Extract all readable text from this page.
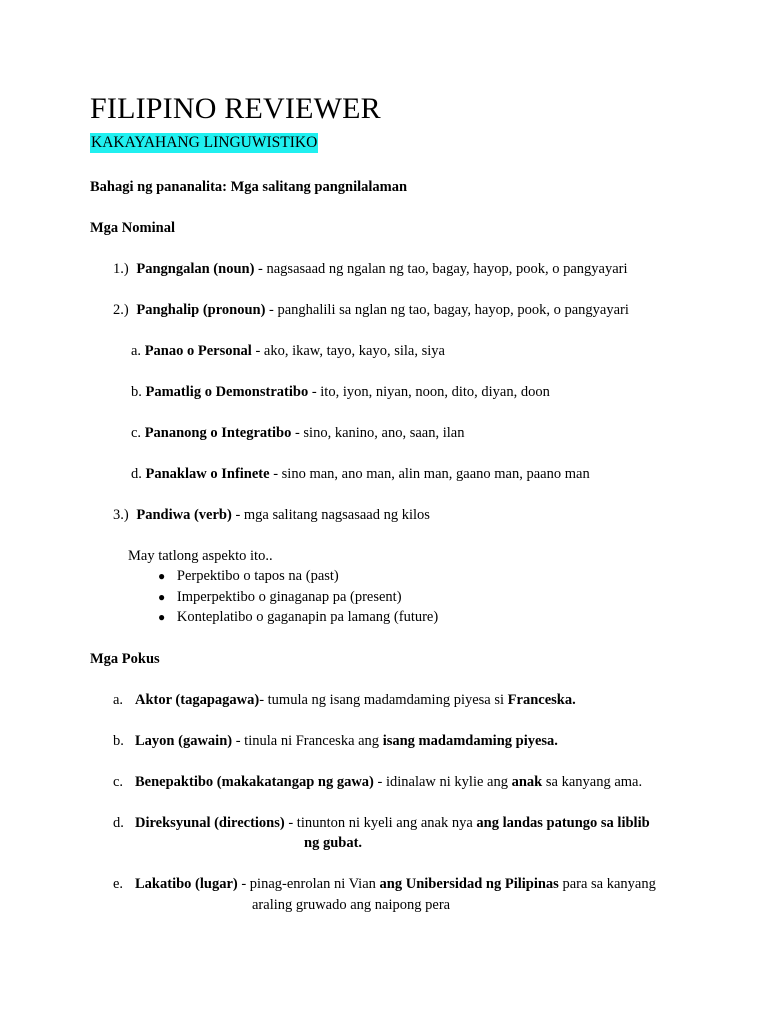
FILIPINO REVIEWER
KAKAYAHANG LINGUWISTIKO
Bahagi ng pananalita: Mga salitang pangnilalaman
Mga Nominal
1.) Pangngalan (noun) - nagsasaad ng ngalan ng tao, bagay, hayop, pook, o pangyayari
2.) Panghalip (pronoun) - panghalili sa nglan ng tao, bagay, hayop, pook, o pangyayari
a. Panao o Personal - ako, ikaw, tayo, kayo, sila, siya
b. Pamatlig o Demonstratibo - ito, iyon, niyan, noon, dito, diyan, doon
c. Pananong o Integratibo - sino, kanino, ano, saan, ilan
d. Panaklaw o Infinete - sino man, ano man, alin man, gaano man, paano man
3.) Pandiwa (verb) - mga salitang nagsasaad ng kilos
May tatlong aspekto ito..
● Perpektibo o tapos na (past)
● Imperpektibo o ginaganap pa (present)
● Konteplatibo o gaganapin pa lamang (future)
Mga Pokus
a. Aktor (tagapagawa)- tumula ng isang madamdaming piyesa si Franceska.
b. Layon (gawain) - tinula ni Franceska ang isang madamdaming piyesa.
c. Benepaktibo (makakatangap ng gawa) - idinalaw ni kylie ang anak sa kanyang ama.
d. Direksyunal (directions) - tinunton ni kyeli ang anak nya ang landas patungo sa liblib
ng gubat.
e. Lakatibo (lugar) - pinag-enrolan ni Vian ang Unibersidad ng Pilipinas para sa kanyang
araling gruwado ang naipong pera
